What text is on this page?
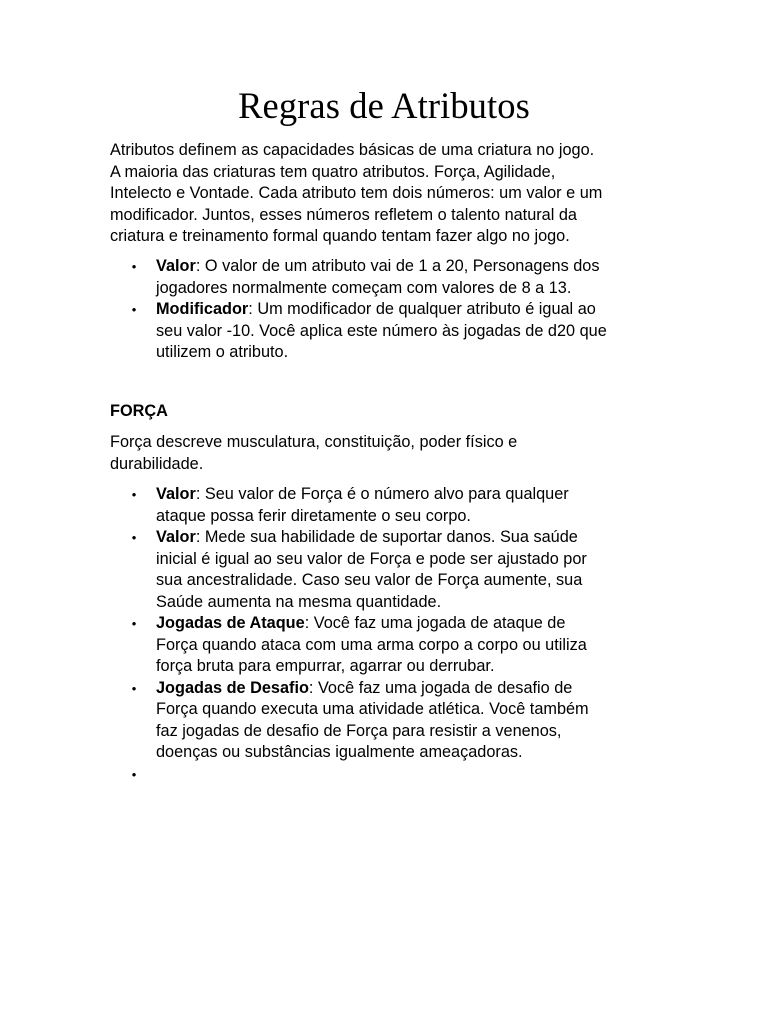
Regras de Atributos

Atributos definem as capacidades básicas de uma criatura no jogo.
A maioria das criaturas tem quatro atributos. Força, Agilidade,
Intelecto e Vontade. Cada atributo tem dois números: um valor e um
modificador. Juntos, esses números refletem o talento natural da
criatura e treinamento formal quando tentam fazer algo no jogo.

• Valor: O valor de um atributo vai de 1 a 20, Personagens dos
jogadores normalmente começam com valores de 8 a 13.
• Modificador: Um modificador de qualquer atributo é igual ao
seu valor -10. Você aplica este número às jogadas de d20 que
utilizem o atributo.
FORÇA

Força descreve musculatura, constituição, poder físico e
durabilidade.

• Valor: Seu valor de Força é o número alvo para qualquer
ataque possa ferir diretamente o seu corpo.
• Valor: Mede sua habilidade de suportar danos. Sua saúde
inicial é igual ao seu valor de Força e pode ser ajustado por
sua ancestralidade. Caso seu valor de Força aumente, sua
Saúde aumenta na mesma quantidade.
• Jogadas de Ataque: Você faz uma jogada de ataque de
Força quando ataca com uma arma corpo a corpo ou utiliza
força bruta para empurrar, agarrar ou derrubar.
• Jogadas de Desafio: Você faz uma jogada de desafio de
Força quando executa uma atividade atlética. Você também
faz jogadas de desafio de Força para resistir a venenos,
doenças ou substâncias igualmente ameaçadoras.
•
